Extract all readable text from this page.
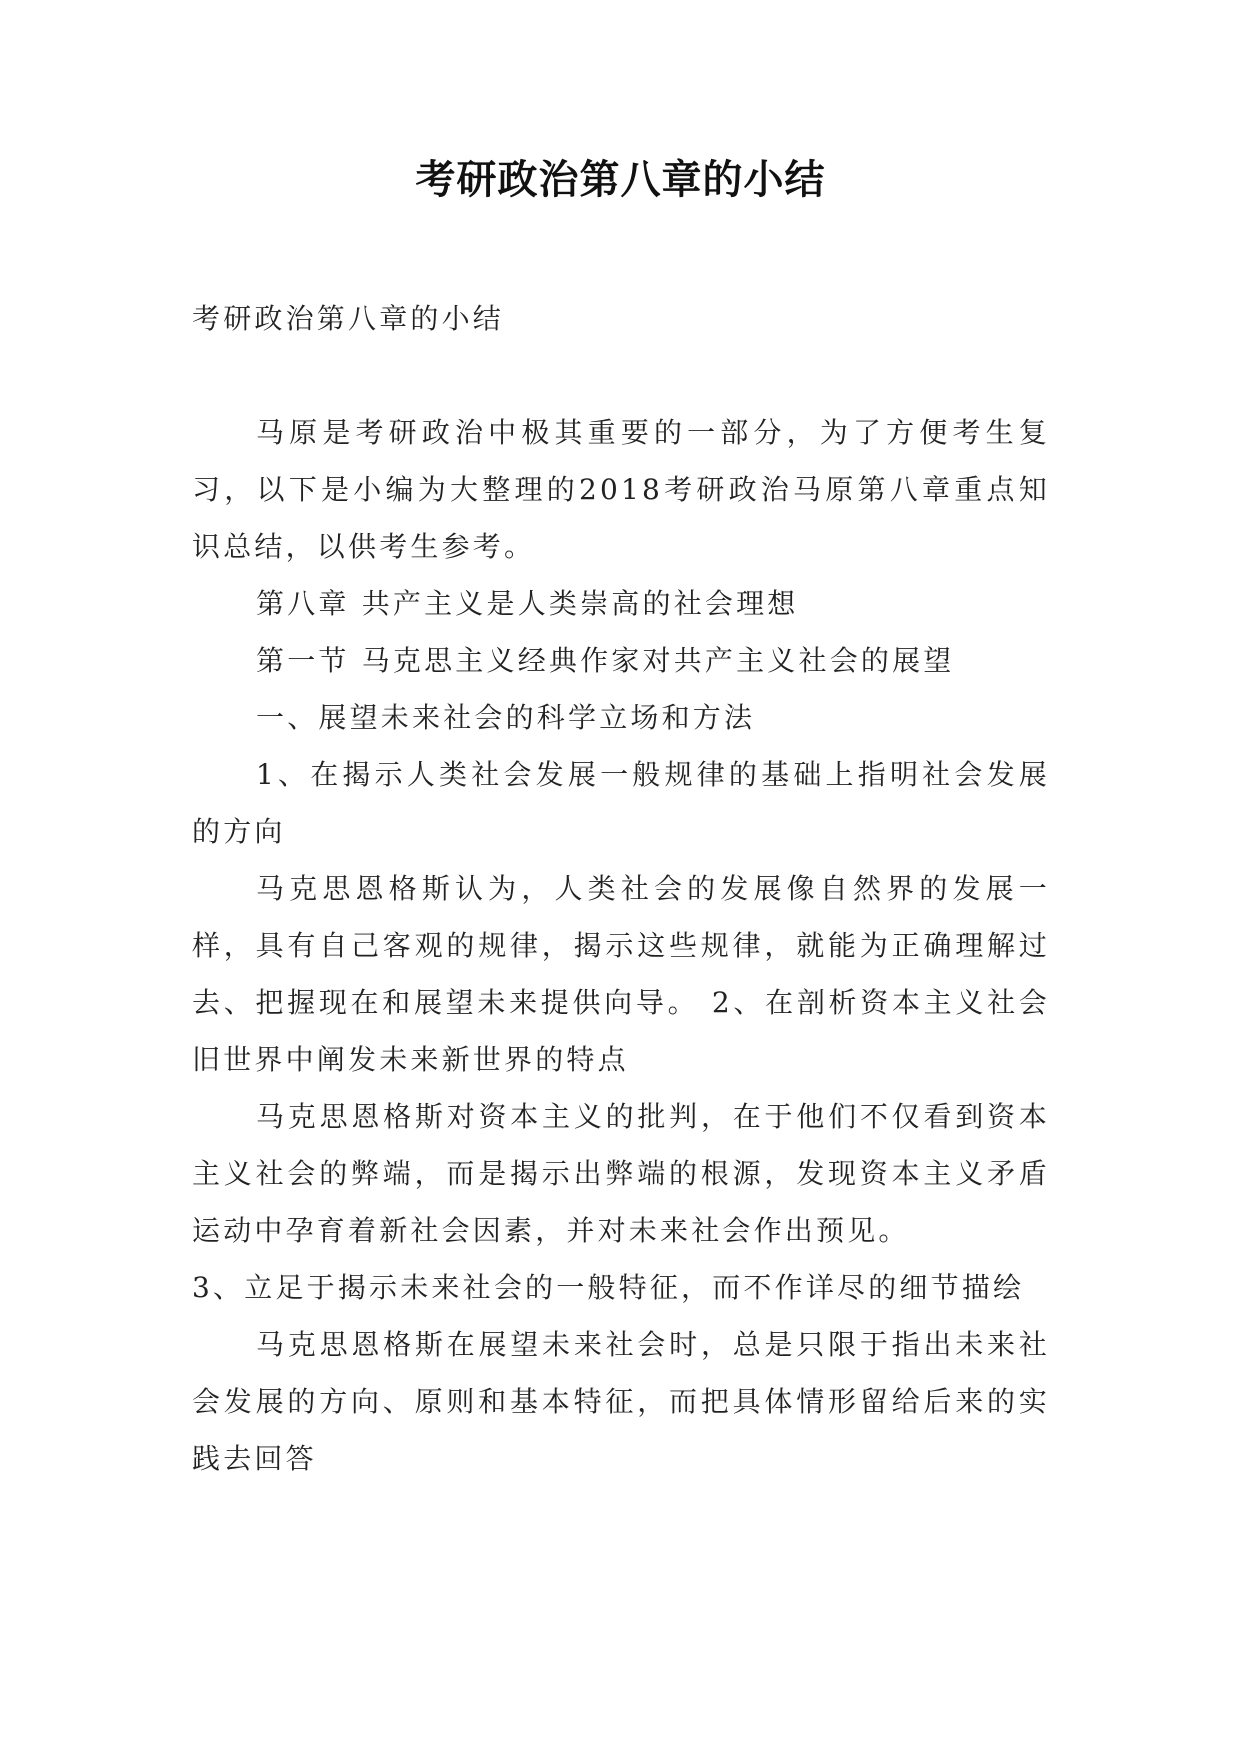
考研政治第八章的小结

考研政治第八章的小结

马原是考研政治中极其重要的一部分，为了方便考生复习，以下是小编为大整理的2018考研政治马原第八章重点知识总结，以供考生参考。

第八章 共产主义是人类崇高的社会理想

第一节 马克思主义经典作家对共产主义社会的展望

一、展望未来社会的科学立场和方法

1、在揭示人类社会发展一般规律的基础上指明社会发展的方向

马克思恩格斯认为，人类社会的发展像自然界的发展一样，具有自己客观的规律，揭示这些规律，就能为正确理解过去、把握现在和展望未来提供向导。 2、在剖析资本主义社会旧世界中阐发未来新世界的特点

马克思恩格斯对资本主义的批判，在于他们不仅看到资本主义社会的弊端，而是揭示出弊端的根源，发现资本主义矛盾运动中孕育着新社会因素，并对未来社会作出预见。

3、立足于揭示未来社会的一般特征，而不作详尽的细节描绘

马克思恩格斯在展望未来社会时，总是只限于指出未来社会发展的方向、原则和基本特征，而把具体情形留给后来的实践去回答
